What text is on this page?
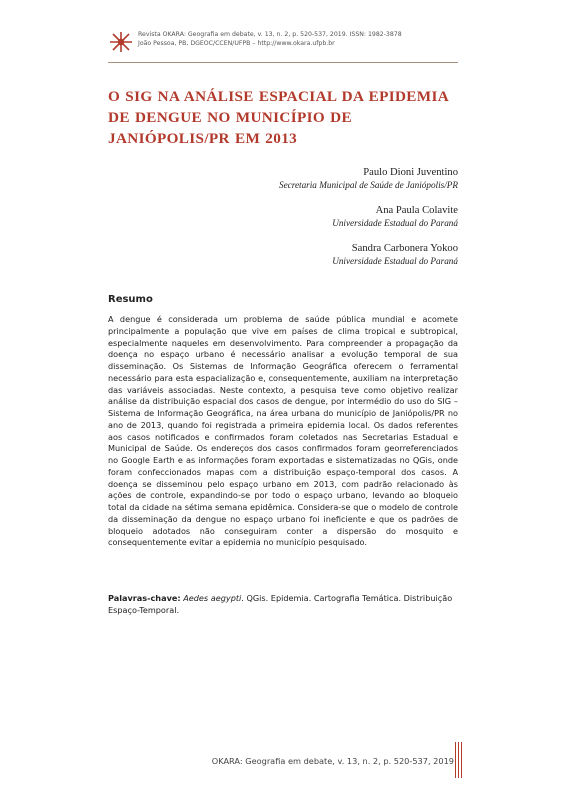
Revista OKARA: Geografia em debate, v. 13, n. 2, p. 520-537, 2019. ISSN: 1982-3878
João Pessoa, PB, DGEOC/CCEN/UFPB – http://www.okara.ufpb.br
O SIG NA ANÁLISE ESPACIAL DA EPIDEMIA DE DENGUE NO MUNICÍPIO DE JANIÓPOLIS/PR EM 2013
Paulo Dioni Juventino
Secretaria Municipal de Saúde de Janiópolis/PR
Ana Paula Colavite
Universidade Estadual do Paraná
Sandra Carbonera Yokoo
Universidade Estadual do Paraná
Resumo

A dengue é considerada um problema de saúde pública mundial e acomete principalmente a população que vive em países de clima tropical e subtropical, especialmente naqueles em desenvolvimento. Para compreender a propagação da doença no espaço urbano é necessário analisar a evolução temporal de sua disseminação. Os Sistemas de Informação Geográfica oferecem o ferramental necessário para esta espacialização e, consequentemente, auxiliam na interpretação das variáveis associadas. Neste contexto, a pesquisa teve como objetivo realizar análise da distribuição espacial dos casos de dengue, por intermédio do uso do SIG – Sistema de Informação Geográfica, na área urbana do município de Janiópolis/PR no ano de 2013, quando foi registrada a primeira epidemia local. Os dados referentes aos casos notificados e confirmados foram coletados nas Secretarias Estadual e Municipal de Saúde. Os endereços dos casos confirmados foram georreferenciados no Google Earth e as informações foram exportadas e sistematizadas no QGis, onde foram confeccionados mapas com a distribuição espaço-temporal dos casos. A doença se disseminou pelo espaço urbano em 2013, com padrão relacionado às ações de controle, expandindo-se por todo o espaço urbano, levando ao bloqueio total da cidade na sétima semana epidêmica. Considera-se que o modelo de controle da disseminação da dengue no espaço urbano foi ineficiente e que os padrões de bloqueio adotados não conseguiram conter a dispersão do mosquito e consequentemente evitar a epidemia no município pesquisado.

Palavras-chave: Aedes aegypti. QGis. Epidemia. Cartografia Temática. Distribuição Espaço-Temporal.

OKARA: Geografia em debate, v. 13, n. 2, p. 520-537, 2019
